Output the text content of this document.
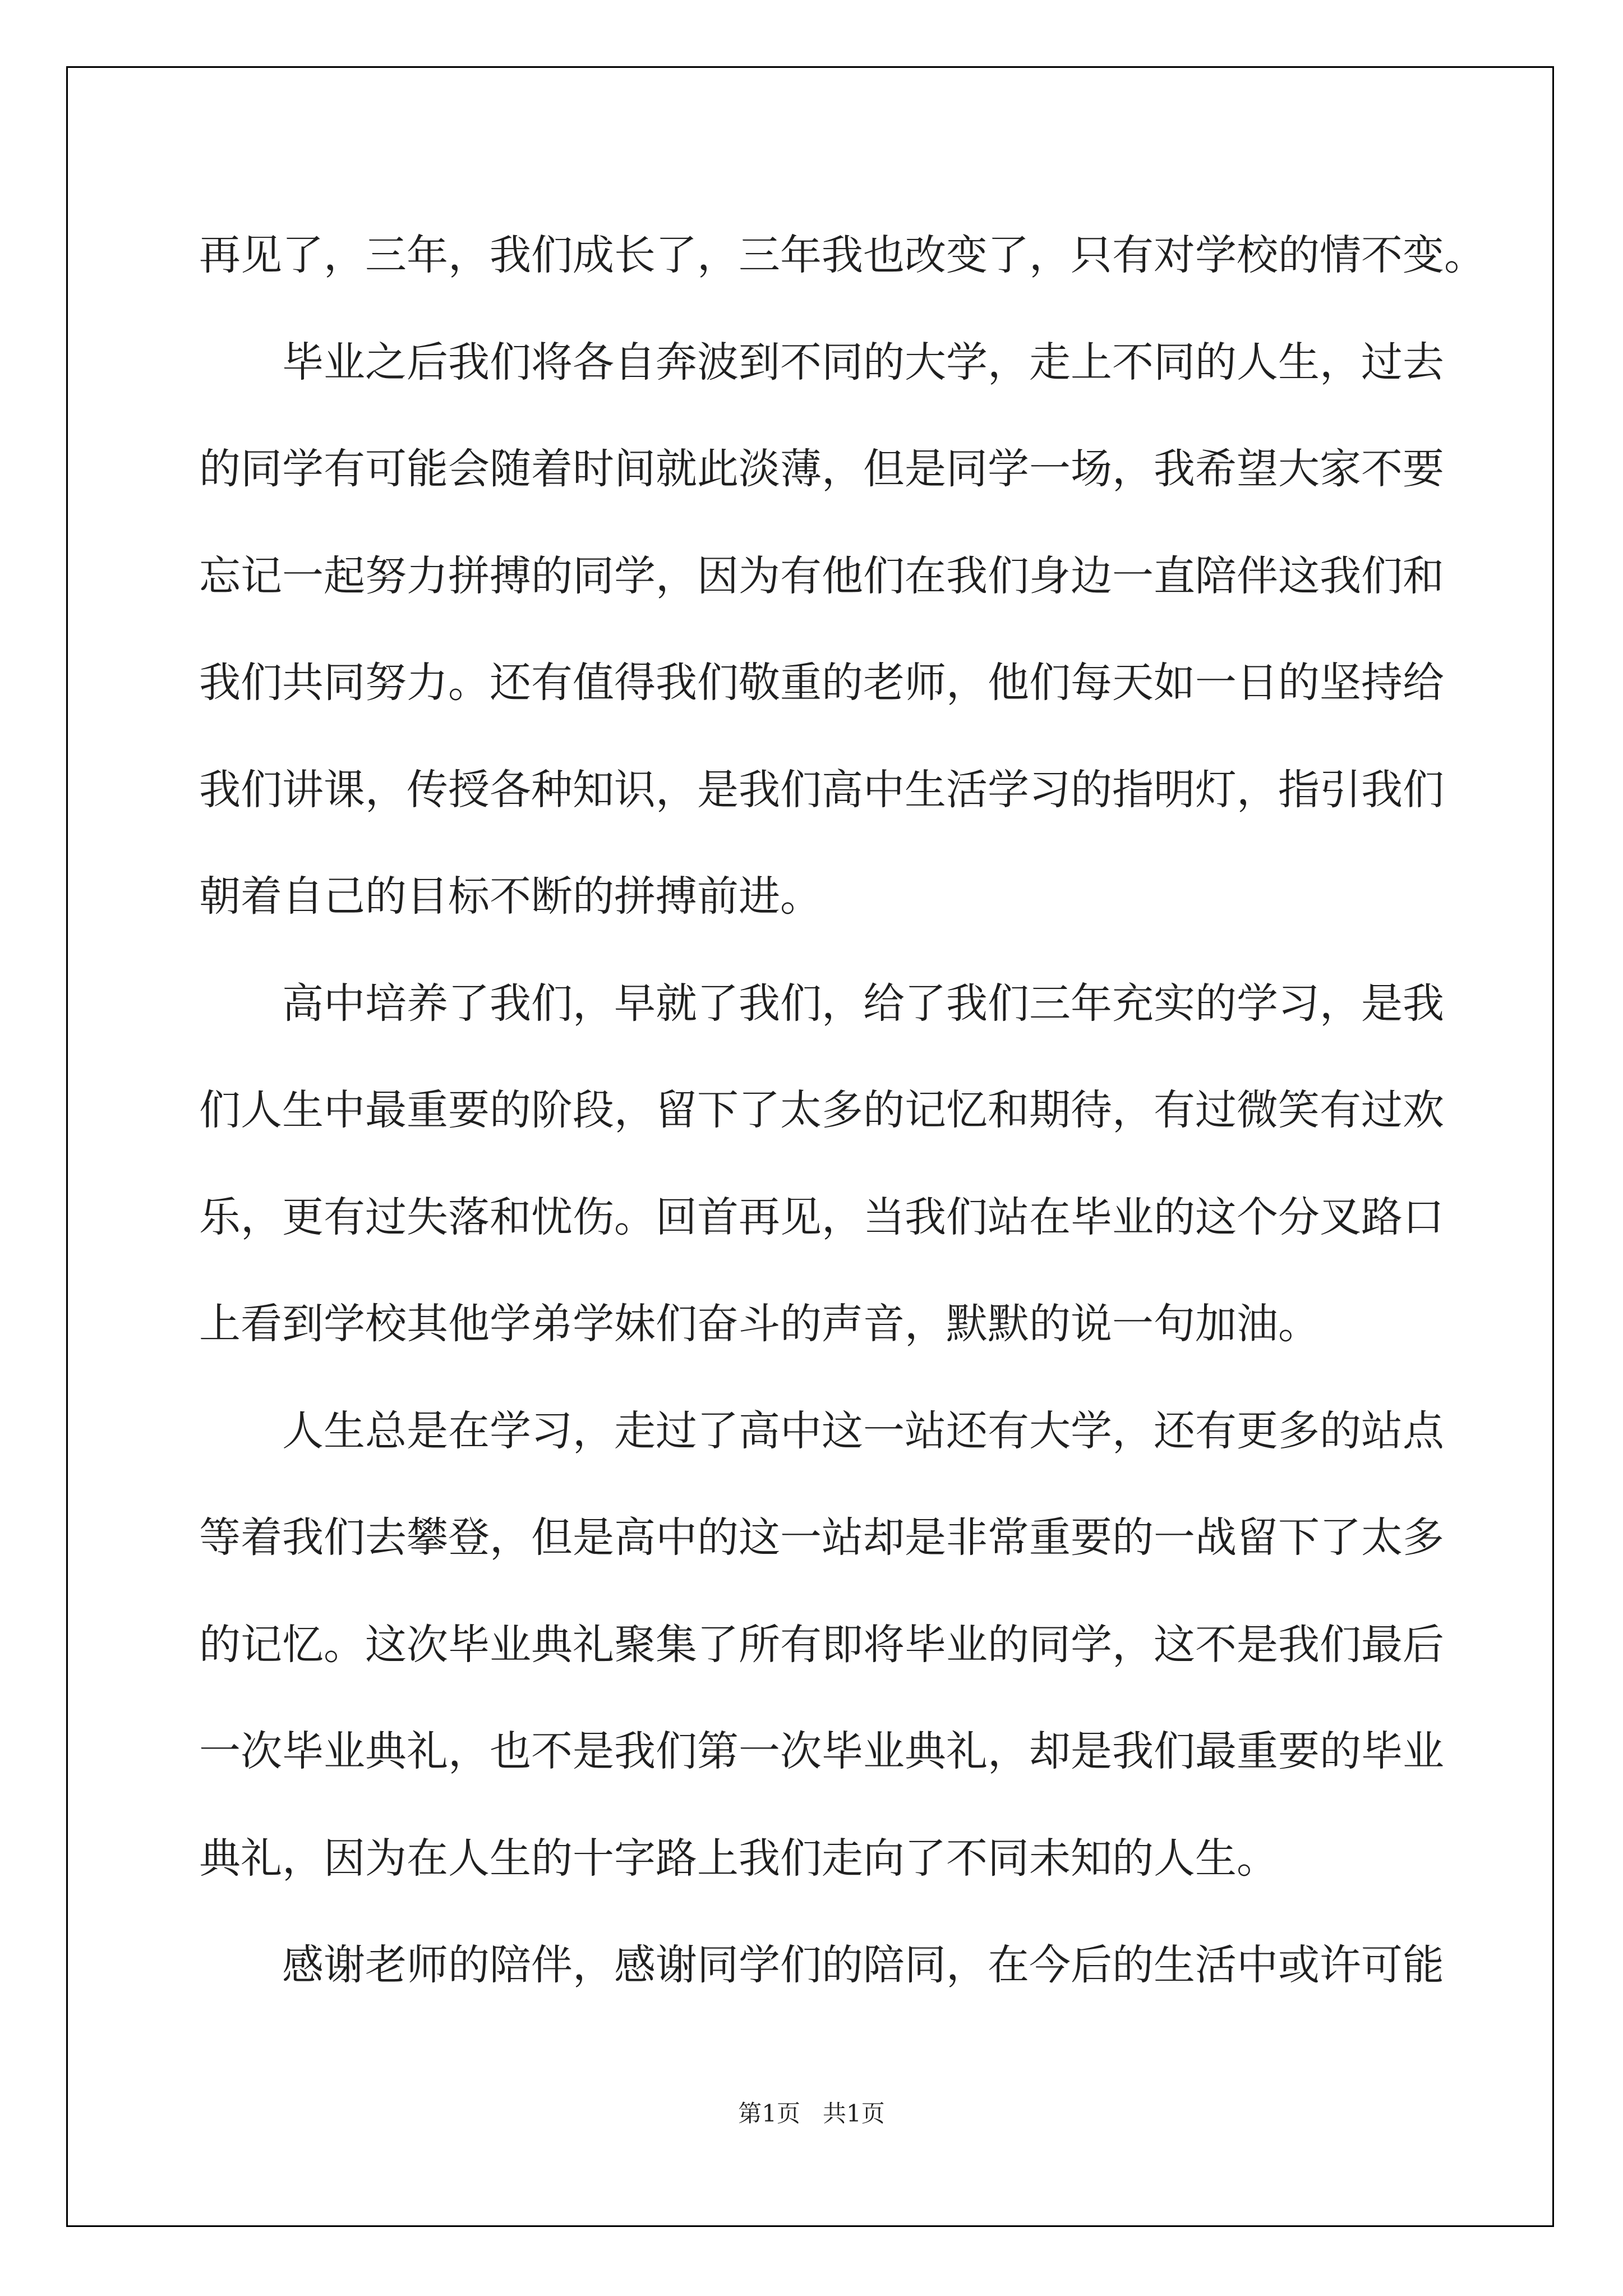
再见了，三年，我们成长了，三年我也改变了，只有对学校的情不变。
毕业之后我们将各自奔波到不同的大学，走上不同的人生，过去
的同学有可能会随着时间就此淡薄，但是同学一场，我希望大家不要
忘记一起努力拼搏的同学，因为有他们在我们身边一直陪伴这我们和
我们共同努力。还有值得我们敬重的老师，他们每天如一日的坚持给
我们讲课，传授各种知识，是我们高中生活学习的指明灯，指引我们
朝着自己的目标不断的拼搏前进。
高中培养了我们，早就了我们，给了我们三年充实的学习，是我
们人生中最重要的阶段，留下了太多的记忆和期待，有过微笑有过欢
乐，更有过失落和忧伤。回首再见，当我们站在毕业的这个分叉路口
上看到学校其他学弟学妹们奋斗的声音，默默的说一句加油。
人生总是在学习，走过了高中这一站还有大学，还有更多的站点
等着我们去攀登，但是高中的这一站却是非常重要的一战留下了太多
的记忆。这次毕业典礼聚集了所有即将毕业的同学，这不是我们最后
一次毕业典礼，也不是我们第一次毕业典礼，却是我们最重要的毕业
典礼，因为在人生的十字路上我们走向了不同未知的人生。
感谢老师的陪伴，感谢同学们的陪同，在今后的生活中或许可能
第1页   共1页
